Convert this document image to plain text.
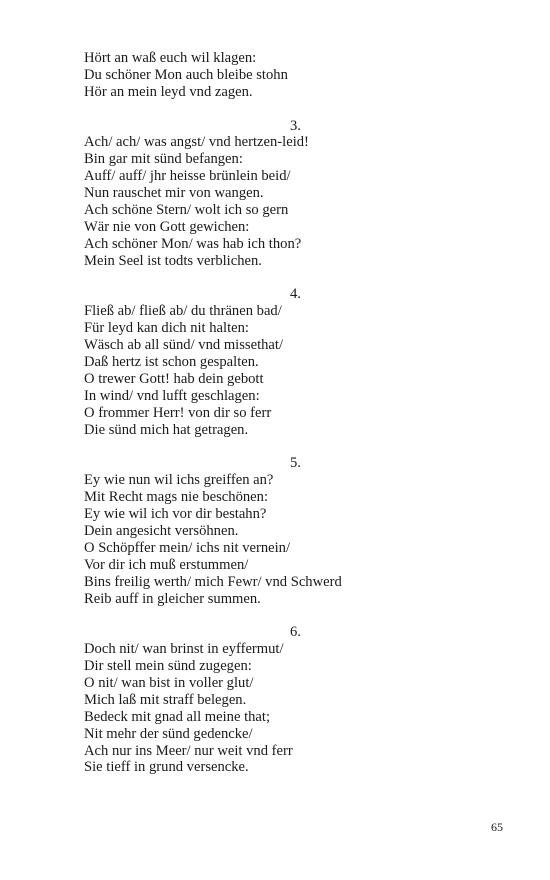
Hört an waß euch wil klagen:
Du schöner Mon auch bleibe stohn
Hör an mein leyd vnd zagen.
3.
Ach/ ach/ was angst/ vnd hertzen-leid!
Bin gar mit sünd befangen:
Auff/ auff/ jhr heisse brünlein beid/
Nun rauschet mir von wangen.
Ach schöne Stern/ wolt ich so gern
Wär nie von Gott gewichen:
Ach schöner Mon/ was hab ich thon?
Mein Seel ist todts verblichen.
4.
Fließ ab/ fließ ab/ du thränen bad/
Für leyd kan dich nit halten:
Wäsch ab all sünd/ vnd missethat/
Daß hertz ist schon gespalten.
O trewer Gott! hab dein gebott
In wind/ vnd lufft geschlagen:
O frommer Herr! von dir so ferr
Die sünd mich hat getragen.
5.
Ey wie nun wil ichs greiffen an?
Mit Recht mags nie beschönen:
Ey wie wil ich vor dir bestahn?
Dein angesicht versöhnen.
O Schöpffer mein/ ichs nit vernein/
Vor dir ich muß erstummen/
Bins freilig werth/ mich Fewr/ vnd Schwerd
Reib auff in gleicher summen.
6.
Doch nit/ wan brinst in eyffermut/
Dir stell mein sünd zugegen:
O nit/ wan bist in voller glut/
Mich laß mit straff belegen.
Bedeck mit gnad all meine that;
Nit mehr der sünd gedencke/
Ach nur ins Meer/ nur weit vnd ferr
Sie tieff in grund versencke.
65
